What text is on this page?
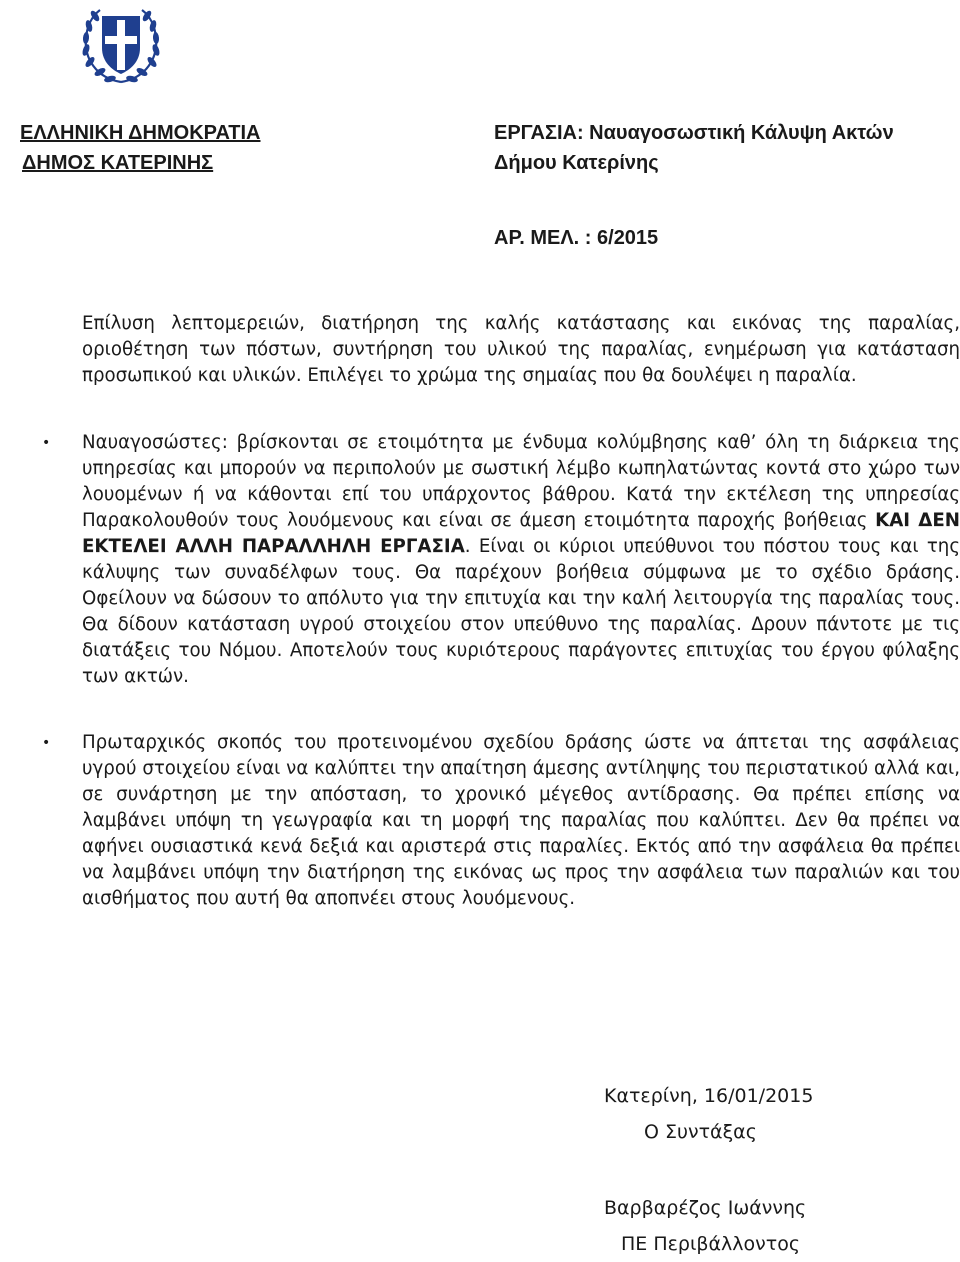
ΕΛΛΗΝΙΚΗ ΔΗΜΟΚΡΑΤΙΑ
ΔΗΜΟΣ ΚΑΤΕΡΙΝΗΣ
ΕΡΓΑΣΙΑ: Ναυαγοσωστική Κάλυψη Ακτών
Δήμου Κατερίνης
ΑΡ. ΜΕΛ. : 6/2015

Επίλυση λεπτομερειών, διατήρηση της καλής κατάστασης και εικόνας της παραλίας, οριοθέτηση των πόστων, συντήρηση του υλικού της παραλίας, ενημέρωση για κατάσταση προσωπικού και υλικών. Επιλέγει το χρώμα της σημαίας που θα δουλέψει η παραλία.

• Ναυαγοσώστες: βρίσκονται σε ετοιμότητα με ένδυμα κολύμβησης καθ’ όλη τη διάρκεια της υπηρεσίας και μπορούν να περιπολούν με σωστική λέμβο κωπηλατώντας κοντά στο χώρο των λουομένων ή να κάθονται επί του υπάρχοντος βάθρου. Κατά την εκτέλεση της υπηρεσίας Παρακολουθούν τους λουόμενους και είναι σε άμεση ετοιμότητα παροχής βοήθειας ΚΑΙ ΔΕΝ ΕΚΤΕΛΕΙ ΑΛΛΗ ΠΑΡΑΛΛΗΛΗ ΕΡΓΑΣΙΑ. Είναι οι κύριοι υπεύθυνοι του πόστου τους και της κάλυψης των συναδέλφων τους. Θα παρέχουν βοήθεια σύμφωνα με το σχέδιο δράσης. Οφείλουν να δώσουν το απόλυτο για την επιτυχία και την καλή λειτουργία της παραλίας τους. Θα δίδουν κατάσταση υγρού στοιχείου στον υπεύθυνο της παραλίας. Δρουν πάντοτε με τις διατάξεις του Νόμου. Αποτελούν τους κυριότερους παράγοντες επιτυχίας του έργου φύλαξης των ακτών.

• Πρωταρχικός σκοπός του προτεινομένου σχεδίου δράσης ώστε να άπτεται της ασφάλειας υγρού στοιχείου είναι να καλύπτει την απαίτηση άμεσης αντίληψης του περιστατικού αλλά και, σε συνάρτηση με την απόσταση, το χρονικό μέγεθος αντίδρασης. Θα πρέπει επίσης να λαμβάνει υπόψη τη γεωγραφία και τη μορφή της παραλίας που καλύπτει. Δεν θα πρέπει να αφήνει ουσιαστικά κενά δεξιά και αριστερά στις παραλίες. Εκτός από την ασφάλεια θα πρέπει να λαμβάνει υπόψη την διατήρηση της εικόνας ως προς την ασφάλεια των παραλιών και του αισθήματος που αυτή θα αποπνέει στους λουόμενους.

Κατερίνη, 16/01/2015
Ο Συντάξας
Βαρβαρέζος Ιωάννης
ΠΕ Περιβάλλοντος
